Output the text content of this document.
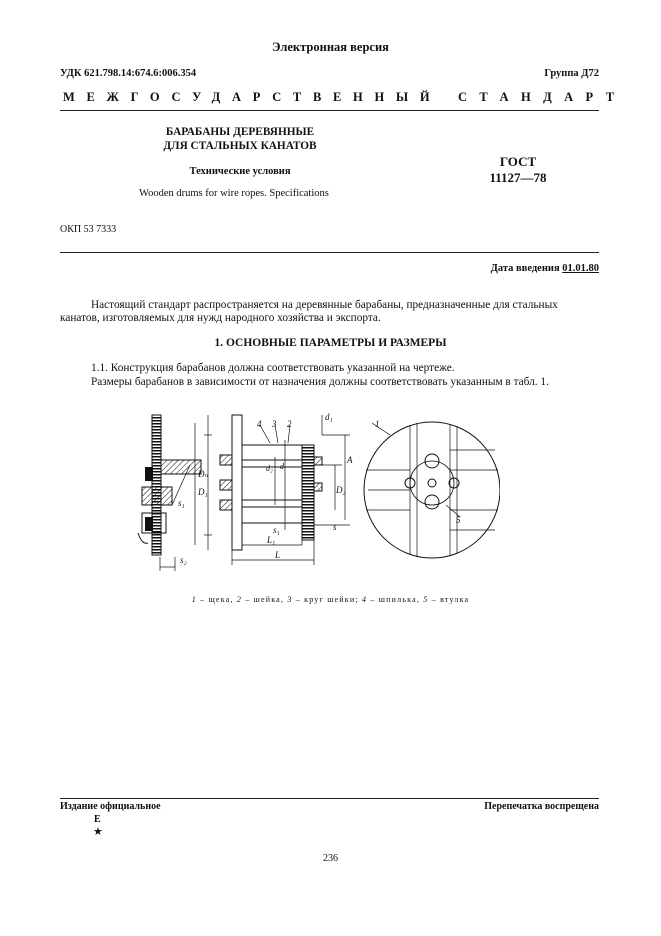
Электронная версия
УДК 621.798.14:674.6:006.354	Группа Д72
МЕЖГОСУДАРСТВЕННЫЙ СТАНДАРТ
БАРАБАНЫ ДЕРЕВЯННЫЕ
ДЛЯ СТАЛЬНЫХ КАНАТОВ
Технические условия
Wooden drums for wire ropes. Specifications
ГОСТ
11127—78
ОКП 53 7333
Дата введения 01.01.80
Настоящий стандарт распространяется на деревянные барабаны, предназначенные для стальных
канатов, изготовляемых для нужд народного хозяйства и экспорта.
1. ОСНОВНЫЕ ПАРАМЕТРЫ И РАЗМЕРЫ
1.1. Конструкция барабанов должна соответствовать указанной на чертеже.
Размеры барабанов в зависимости от назначения должны соответствовать указанным в табл. 1.
s₁
s₂
4 3 2
d₁
d₂ d
A
D₂
Dₙ
D₁
s₁	s
L₁
L
1
5
1 – щека, 2 – шейка, 3 – круг шейки; 4 – шпилька, 5 – втулка
Издание официальное	Перепечатка воспрещена
Е
★
236
